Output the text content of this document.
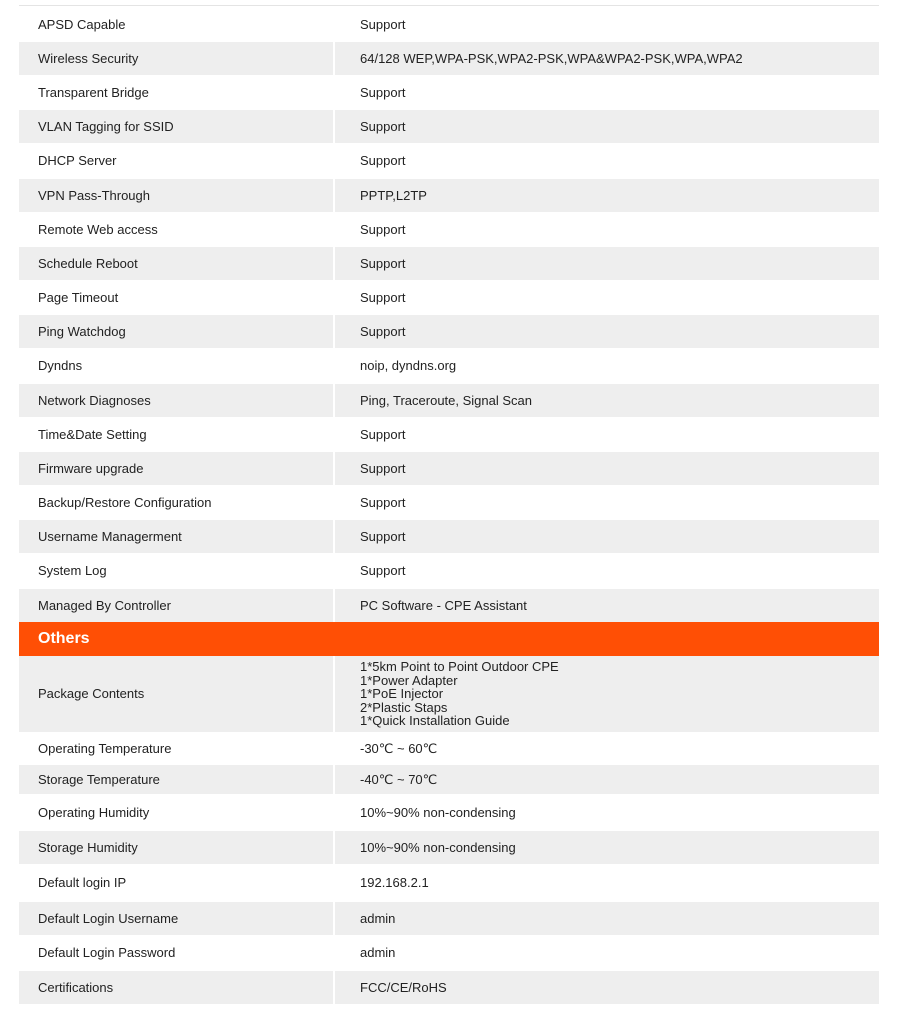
APSD Capable	Support
Wireless Security	64/128 WEP,WPA-PSK,WPA2-PSK,WPA&WPA2-PSK,WPA,WPA2
Transparent Bridge	Support
VLAN Tagging for SSID	Support
DHCP Server	Support
VPN Pass-Through	PPTP,L2TP
Remote Web access	Support
Schedule Reboot	Support
Page Timeout	Support
Ping Watchdog	Support
Dyndns	noip, dyndns.org
Network Diagnoses	Ping, Traceroute, Signal Scan
Time&Date Setting	Support
Firmware upgrade	Support
Backup/Restore Configuration	Support
Username Managerment	Support
System Log	Support
Managed By Controller	PC Software - CPE Assistant
Others	
Package Contents	1*5km Point to Point Outdoor CPE
1*Power Adapter
1*PoE Injector
2*Plastic Staps
1*Quick Installation Guide

Operating Temperature	-30℃ ~ 60℃
Storage Temperature	-40℃ ~ 70℃
Operating Humidity	10%~90% non-condensing
Storage Humidity	10%~90% non-condensing
Default login IP	192.168.2.1
Default Login Username	admin
Default Login Password	admin
Certifications	FCC/CE/RoHS
